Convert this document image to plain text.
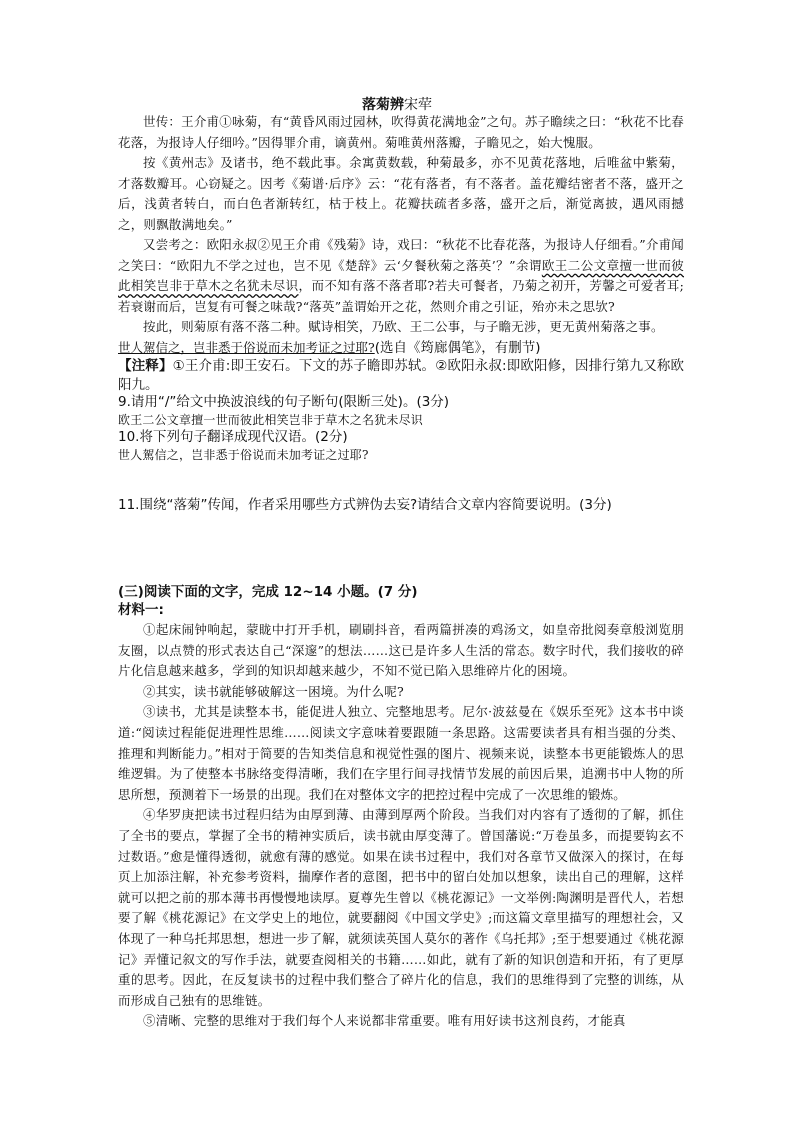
落菊辨宋荦

世传：王介甫①咏菊，有“黄昏风雨过园林，吹得黄花满地金”之句。苏子瞻续之曰：“秋花不比春花落，为报诗人仔细吟。”因得罪介甫，谪黄州。菊唯黄州落瓣，子瞻见之，始大愧服。

按《黄州志》及诸书，绝不载此事。余寓黄数载，种菊最多，亦不见黄花落地，后唯盆中紫菊，才落数瓣耳。心窃疑之。因考《菊谱·后序》云：“花有落者，有不落者。盖花瓣结密者不落，盛开之后，浅黄者转白，而白色者渐转红，枯于枝上。花瓣扶疏者多落，盛开之后，渐觉离披，遇风雨撼之，则飘散满地矣。”

又尝考之：欧阳永叔②见王介甫《残菊》诗，戏曰：“秋花不比春花落，为报诗人仔细看。”介甫闻之笑曰：“欧阳九不学之过也，岂不见《楚辞》云‘夕餐秋菊之落英’？”余谓欧王二公文章擅一世而彼此相笑岂非于草木之名犹未尽识，而不知有落不落者耶?若夫可餐者，乃菊之初开，芳馨之可爱者耳;若衰谢而后，岂复有可餐之味哉?“落英”盖谓始开之花，然则介甫之引证，殆亦未之思欤?

按此，则菊原有落不落二种。赋诗相笑，乃欧、王二公事，与子瞻无涉，更无黄州菊落之事。

世人駕信之，岂非悉于俗说而未加考证之过耶?(选自《筠廊偶笔》，有删节)
【注释】①王介甫:即王安石。下文的苏子瞻即苏轼。②欧阳永叔:即欧阳修，因排行第九又称欧阳九。
9.请用“/”给文中换波浪线的句子断句(限断三处)。(3分)
欧王二公文章擅一世而彼此相笑岂非于草木之名犹未尽识
10.将下列句子翻译成现代汉语。(2分)
世人駕信之，岂非悉于俗说而未加考证之过耶?
11.围绕“落菊”传闻，作者采用哪些方式辨伪去妄?请结合文章内容简要说明。(3分)
(三)阅读下面的文字，完成 12~14 小题。(7 分)
材料一:

①起床闹钟响起，蒙眬中打开手机，刷刷抖音，看两篇拼凑的鸡汤文，如皇帝批阅奏章般浏览朋友圈，以点赞的形式表达自己“深邃”的想法……这已是许多人生活的常态。数字时代，我们接收的碎片化信息越来越多，学到的知识却越来越少，不知不觉已陷入思维碎片化的困境。

②其实，读书就能够破解这一困境。为什么呢?

③读书，尤其是读整本书，能促进人独立、完整地思考。尼尔·波兹曼在《娱乐至死》这本书中谈道:“阅读过程能促进理性思维……阅读文字意味着要跟随一条思路。这需要读者具有相当强的分类、推理和判断能力。”相对于简要的告知类信息和视觉性强的图片、视频来说，读整本书更能锻炼人的思维逻辑。为了使整本书脉络变得清晰，我们在字里行间寻找情节发展的前因后果，追溯书中人物的所思所想，预测着下一场景的出现。我们在对整体文字的把控过程中完成了一次思维的锻炼。

④华罗庚把读书过程归结为由厚到薄、由薄到厚两个阶段。当我们对内容有了透彻的了解，抓住了全书的要点，掌握了全书的精神实质后，读书就由厚变薄了。曾国藩说:“万卷虽多，而提要钩玄不过数语。”愈是懂得透彻，就愈有薄的感觉。如果在读书过程中，我们对各章节又做深入的探讨，在每页上加添注解，补充参考资料，揣摩作者的意图，把书中的留白处加以想象，读出自己的理解，这样就可以把之前的那本薄书再慢慢地读厚。夏尊先生曾以《桃花源记》一文举例:陶渊明是晋代人，若想要了解《桃花源记》在文学史上的地位，就要翻阅《中国文学史》;而这篇文章里描写的理想社会，又体现了一种乌托邦思想，想进一步了解，就须读英国人莫尔的著作《乌托邦》;至于想要通过《桃花源记》弄懂记叙文的写作手法，就要查阅相关的书籍……如此，就有了新的知识创造和开拓，有了更厚重的思考。因此，在反复读书的过程中我们整合了碎片化的信息，我们的思维得到了完整的训练，从而形成自己独有的思维链。

⑤清晰、完整的思维对于我们每个人来说都非常重要。唯有用好读书这剂良药，才能真
